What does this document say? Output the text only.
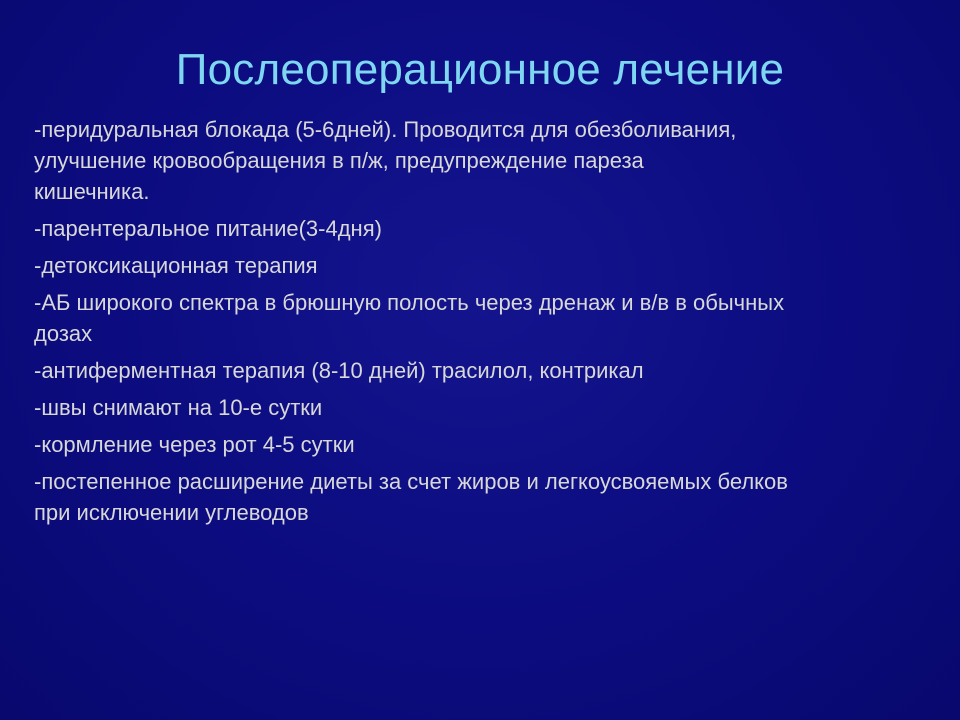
Послеоперационное лечение
-перидуральная блокада (5-6дней). Проводится для обезболивания,
улучшение кровообращения в п/ж, предупреждение пареза
кишечника.
-парентеральное питание(3-4дня)
-детоксикационная терапия
-АБ широкого спектра в брюшную полость через дренаж и в/в в обычных
дозах
-антиферментная терапия (8-10 дней) трасилол, контрикал
-швы снимают на 10-е сутки
-кормление через рот 4-5 сутки
-постепенное расширение диеты за счет жиров и легкоусвояемых белков
при исключении углеводов
